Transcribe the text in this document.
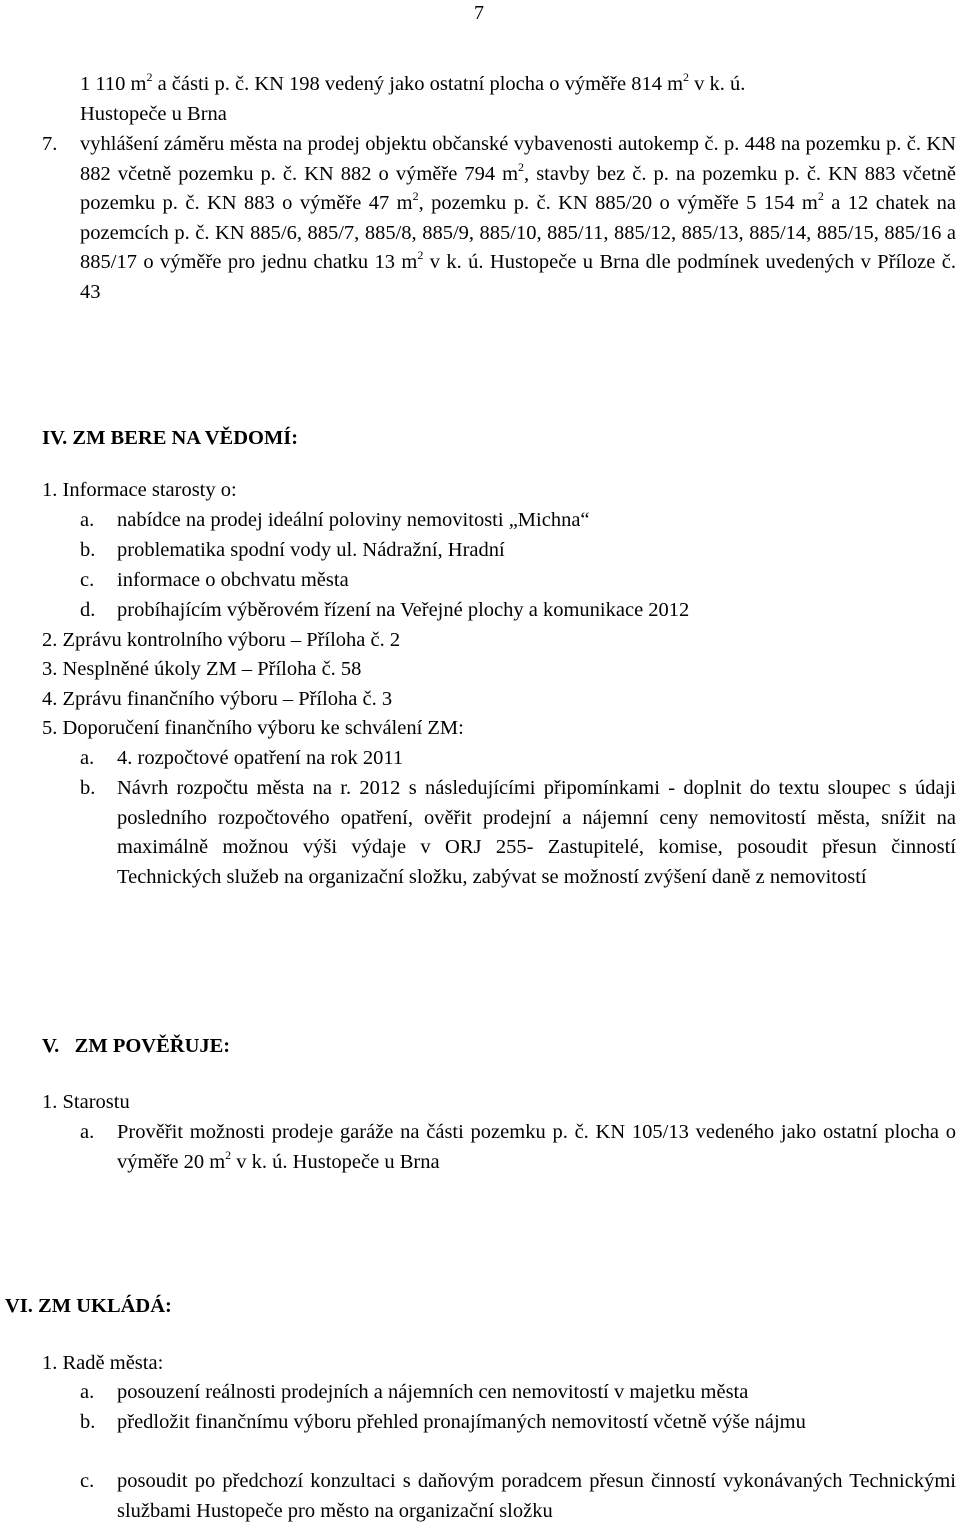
7
1 110 $m^2$ a části p. č. KN 198 vedený jako ostatní plocha o výměře 814 $m^2$ v k. ú.
Hustopeče u Brna
7. vyhlášení záměru města na prodej objektu občanské vybavenosti autokemp č. p. 448 na pozemku p. č. KN 882 včetně pozemku p. č. KN 882 o výměře 794 $m^2$, stavby bez č. p. na pozemku p. č. KN 883 včetně pozemku p. č. KN 883 o výměře 47 $m^2$, pozemku p. č. KN 885/20 o výměře 5 154 $m^2$ a 12 chatek na pozemcích p. č. KN 885/6, 885/7, 885/8, 885/9, 885/10, 885/11, 885/12, 885/13, 885/14, 885/15, 885/16 a 885/17 o výměře pro jednu chatku 13 $m^2$ v k. ú. Hustopeče u Brna dle podmínek uvedených v Příloze č. 43
IV. ZM BERE NA VĚDOMÍ:
1. Informace starosty o:
a. nabídce na prodej ideální poloviny nemovitosti „Michna“
b. problematika spodní vody ul. Nádražní, Hradní
c. informace o obchvatu města
d. probíhajícím výběrovém řízení na Veřejné plochy a komunikace 2012
2. Zprávu kontrolního výboru – Příloha č. 2
3. Nesplněné úkoly ZM – Příloha č. 58
4. Zprávu finančního výboru – Příloha č. 3
5. Doporučení finančního výboru ke schválení ZM:
a. 4. rozpočtové opatření na rok 2011
b. Návrh rozpočtu města na r. 2012 s následujícími připomínkami - doplnit do textu sloupec s údaji posledního rozpočtového opatření, ověřit prodejní a nájemní ceny nemovitostí města, snížit na maximálně možnou výši výdaje v ORJ 255- Zastupitelé, komise, posoudit přesun činností Technických služeb na organizační složku, zabývat se možností zvýšení daně z nemovitostí
V. ZM POVĚŘUJE:
1. Starostu
a. Prověřit možnosti prodeje garáže na části pozemku p. č. KN 105/13 vedeného jako ostatní plocha o výměře 20 $m^2$ v k. ú. Hustopeče u Brna
VI. ZM UKLÁDÁ:
1. Radě města:
a. posouzení reálnosti prodejních a nájemních cen nemovitostí v majetku města
b. předložit finančnímu výboru přehled pronajímaných nemovitostí včetně výše nájmu
c. posoudit po předchozí konzultaci s daňovým poradcem přesun činností vykonávaných Technickými službami Hustopeče pro město na organizační složku
